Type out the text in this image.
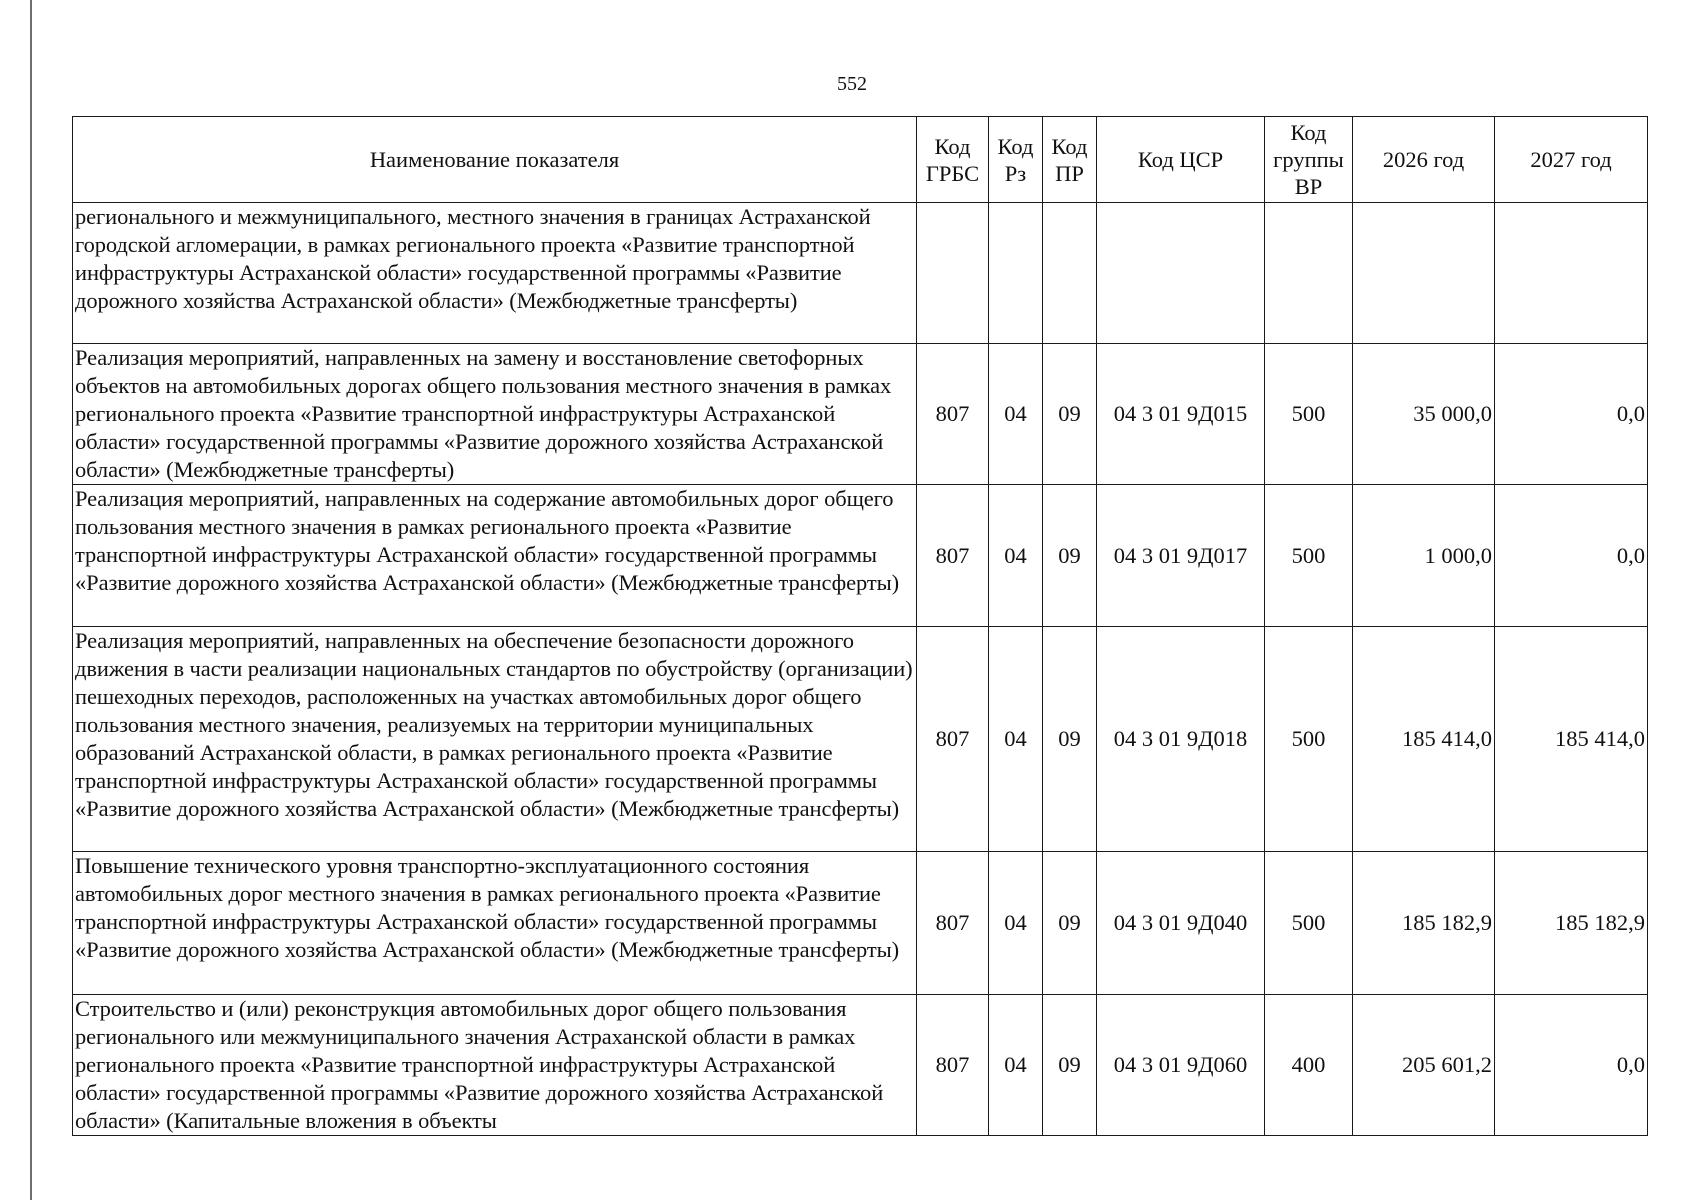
552
Наименование показателя	Код ГРБС	Код Рз	Код ПР	Код ЦСР	Код группы ВР	2026 год	2027 год
регионального и межмуниципального, местного значения в границах Астраханской городской агломерации, в рамках регионального проекта «Развитие транспортной инфраструктуры Астраханской области» государственной программы «Развитие дорожного хозяйства Астраханской области» (Межбюджетные трансферты)							
Реализация мероприятий, направленных на замену и восстановление светофорных объектов на автомобильных дорогах общего пользования местного значения в рамках регионального проекта «Развитие транспортной инфраструктуры Астраханской области» государственной программы «Развитие дорожного хозяйства Астраханской области» (Межбюджетные трансферты)	807	04	09	04 3 01 9Д015	500	35 000,0	0,0
Реализация мероприятий, направленных на содержание автомобильных дорог общего пользования местного значения в рамках регионального проекта «Развитие транспортной инфраструктуры Астраханской области» государственной программы «Развитие дорожного хозяйства Астраханской области» (Межбюджетные трансферты)	807	04	09	04 3 01 9Д017	500	1 000,0	0,0
Реализация мероприятий, направленных на обеспечение безопасности дорожного движения в части реализации национальных стандартов по обустройству (организации) пешеходных переходов, расположенных на участках автомобильных дорог общего пользования местного значения, реализуемых на территории муниципальных образований Астраханской области, в рамках регионального проекта «Развитие транспортной инфраструктуры Астраханской области» государственной программы «Развитие дорожного хозяйства Астраханской области» (Межбюджетные трансферты)	807	04	09	04 3 01 9Д018	500	185 414,0	185 414,0
Повышение технического уровня транспортно-эксплуатационного состояния автомобильных дорог местного значения в рамках регионального проекта «Развитие транспортной инфраструктуры Астраханской области» государственной программы «Развитие дорожного хозяйства Астраханской области» (Межбюджетные трансферты)	807	04	09	04 3 01 9Д040	500	185 182,9	185 182,9
Строительство и (или) реконструкция автомобильных дорог общего пользования регионального или межмуниципального значения Астраханской области в рамках регионального проекта «Развитие транспортной инфраструктуры Астраханской области» государственной программы «Развитие дорожного хозяйства Астраханской области» (Капитальные вложения в объекты	807	04	09	04 3 01 9Д060	400	205 601,2	0,0
